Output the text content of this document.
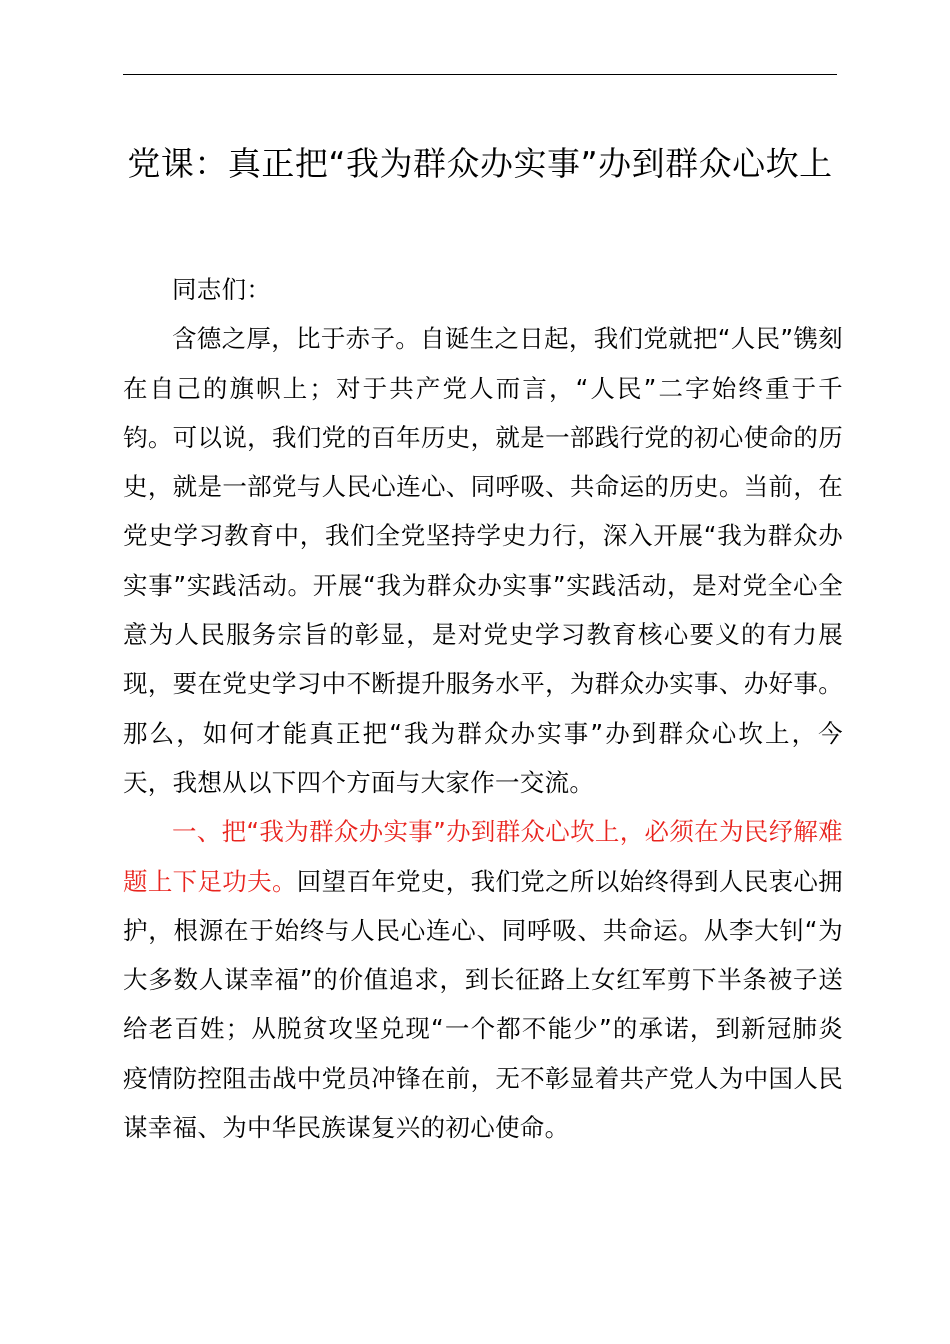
党课：真正把“我为群众办实事”办到群众心坎上

同志们：

含德之厚，比于赤子。自诞生之日起，我们党就把“人民”镌刻在自己的旗帜上；对于共产党人而言，“人民”二字始终重于千钧。可以说，我们党的百年历史，就是一部践行党的初心使命的历史，就是一部党与人民心连心、同呼吸、共命运的历史。当前，在党史学习教育中，我们全党坚持学史力行，深入开展“我为群众办实事”实践活动。开展“我为群众办实事”实践活动，是对党全心全意为人民服务宗旨的彰显，是对党史学习教育核心要义的有力展现，要在党史学习中不断提升服务水平，为群众办实事、办好事。那么，如何才能真正把“我为群众办实事”办到群众心坎上，今天，我想从以下四个方面与大家作一交流。

一、把“我为群众办实事”办到群众心坎上，必须在为民纾解难题上下足功夫。回望百年党史，我们党之所以始终得到人民衷心拥护，根源在于始终与人民心连心、同呼吸、共命运。从李大钊“为大多数人谋幸福”的价值追求，到长征路上女红军剪下半条被子送给老百姓；从脱贫攻坚兑现“一个都不能少”的承诺，到新冠肺炎疫情防控阻击战中党员冲锋在前，无不彰显着共产党人为中国人民谋幸福、为中华民族谋复兴的初心使命。
